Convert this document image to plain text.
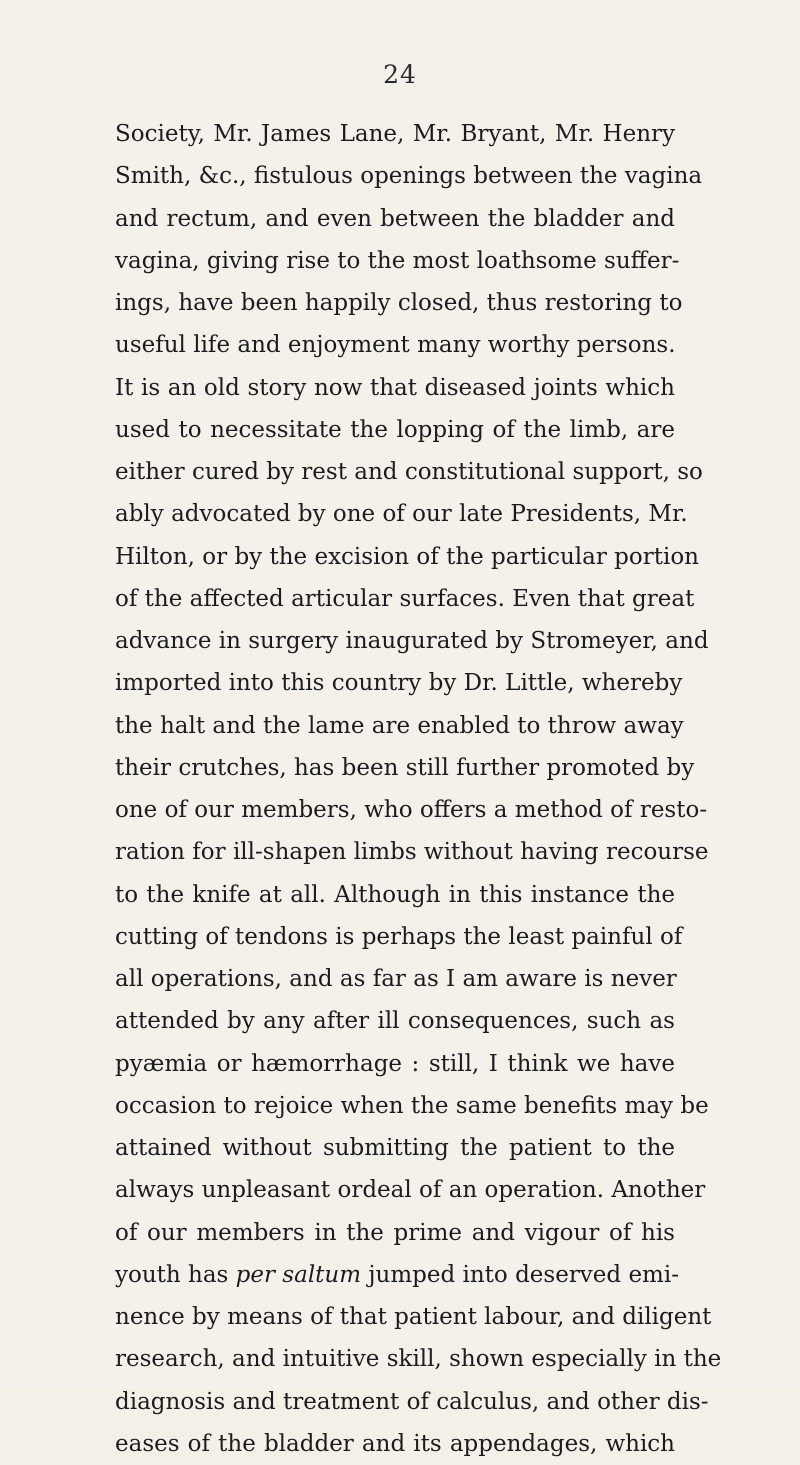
24
Society, Mr. James Lane, Mr. Bryant, Mr. Henry
Smith, &c., fistulous openings between the vagina
and rectum, and even between the bladder and
vagina, giving rise to the most loathsome suffer-
ings, have been happily closed, thus restoring to
useful life and enjoyment many worthy persons.
It is an old story now that diseased joints which
used to necessitate the lopping of the limb, are
either cured by rest and constitutional support, so
ably advocated by one of our late Presidents, Mr.
Hilton, or by the excision of the particular portion
of the affected articular surfaces. Even that great
advance in surgery inaugurated by Stromeyer, and
imported into this country by Dr. Little, whereby
the halt and the lame are enabled to throw away
their crutches, has been still further promoted by
one of our members, who offers a method of resto-
ration for ill-shapen limbs without having recourse
to the knife at all. Although in this instance the
cutting of tendons is perhaps the least painful of
all operations, and as far as I am aware is never
attended by any after ill consequences, such as
pyæmia or hæmorrhage : still, I think we have
occasion to rejoice when the same benefits may be
attained without submitting the patient to the
always unpleasant ordeal of an operation. Another
of our members in the prime and vigour of his
youth has per saltum jumped into deserved emi-
nence by means of that patient labour, and diligent
research, and intuitive skill, shown especially in the
diagnosis and treatment of calculus, and other dis-
eases of the bladder and its appendages, which
